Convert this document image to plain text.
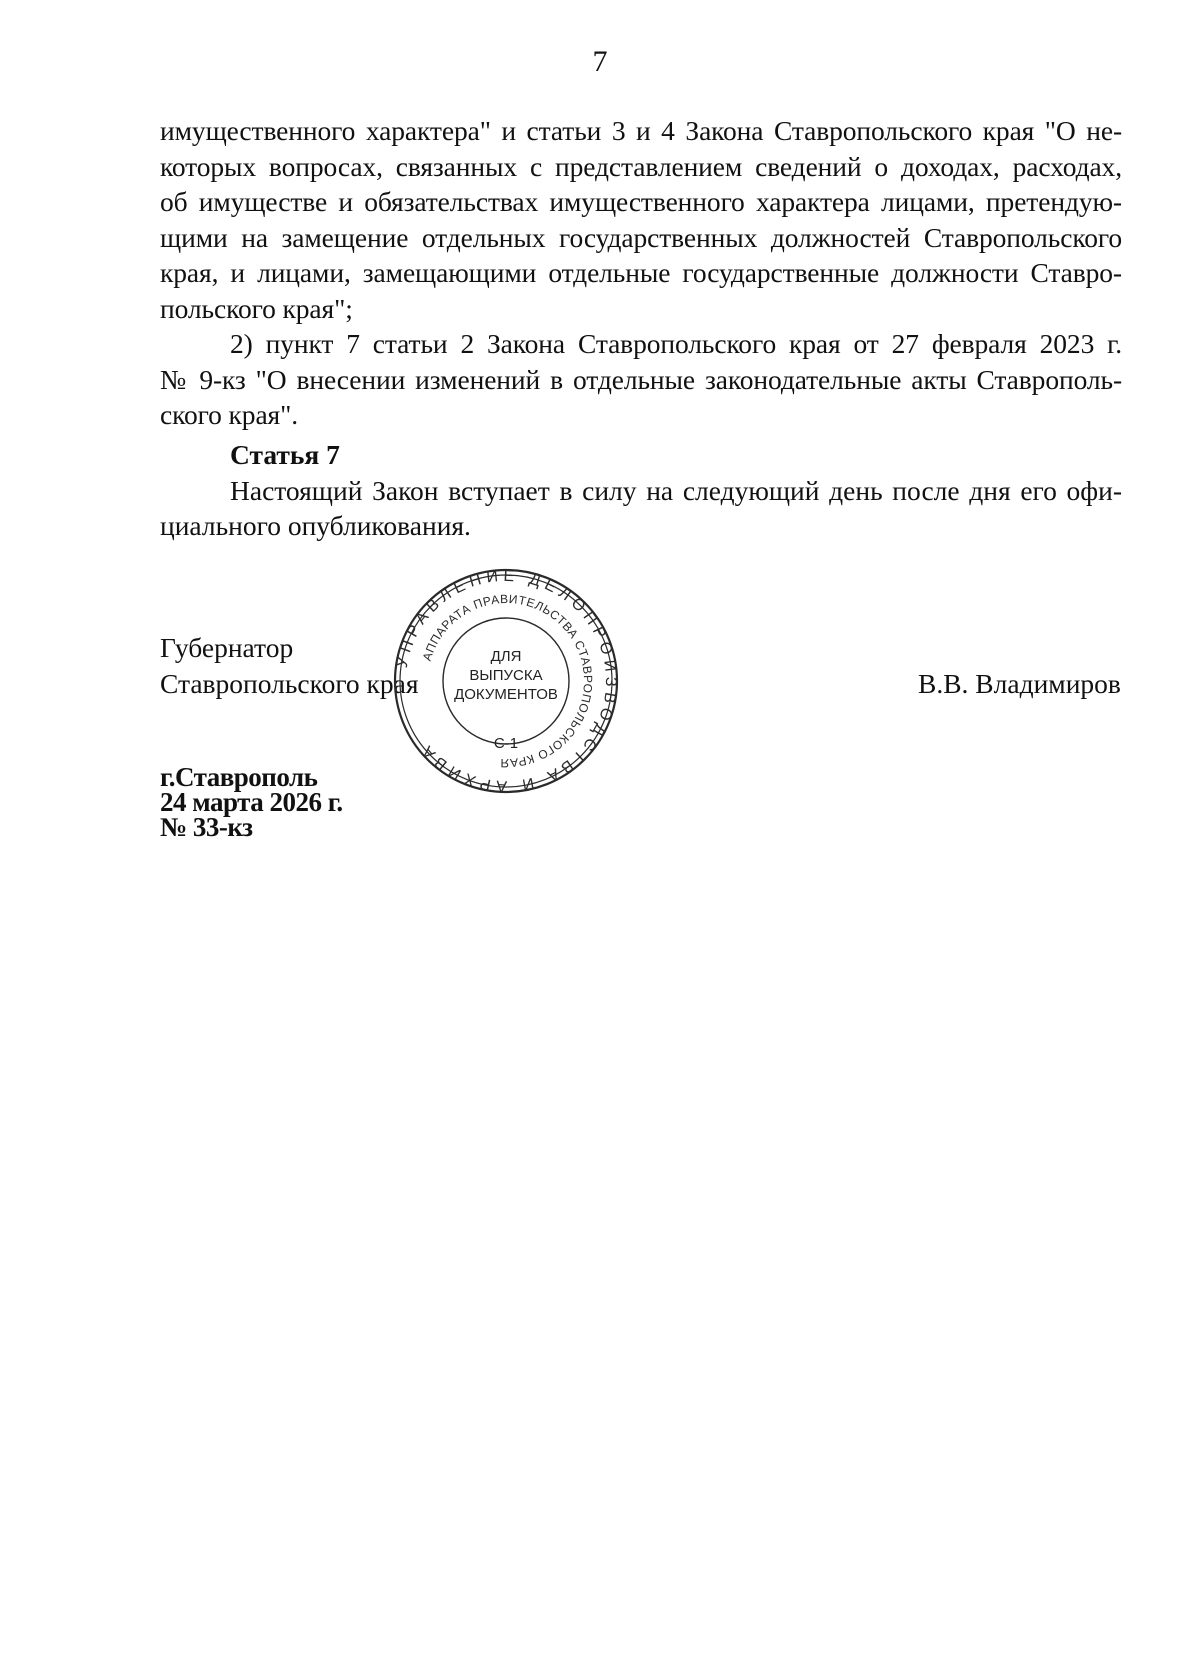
7

имущественного характера" и статьи 3 и 4 Закона Ставропольского края "О не-
которых вопросах, связанных с представлением сведений о доходах, расходах,
об имуществе и обязательствах имущественного характера лицами, претендую-
щими на замещение отдельных государственных должностей Ставропольского
края, и лицами, замещающими отдельные государственные должности Ставро-
польского края";

2) пункт 7 статьи 2 Закона Ставропольского края от 27 февраля 2023 г.
№ 9-кз "О внесении изменений в отдельные законодательные акты Ставрополь-
ского края".

Статья 7
Настоящий Закон вступает в силу на следующий день после дня его офи-
циального опубликования.
Губернатор
Ставропольского края	В.В. Владимиров
УПРАВЛЕНИЕ ДЕЛОПРОИЗВОДСТВА И АРХИВА
АППАРАТА ПРАВИТЕЛЬСТВА СТАВРОПОЛЬСКОГО КРАЯ
ДЛЯ
ВЫПУСКА
ДОКУМЕНТОВ
С-1
г.Ставрополь
24 марта 2026 г.
№ 33-кз
